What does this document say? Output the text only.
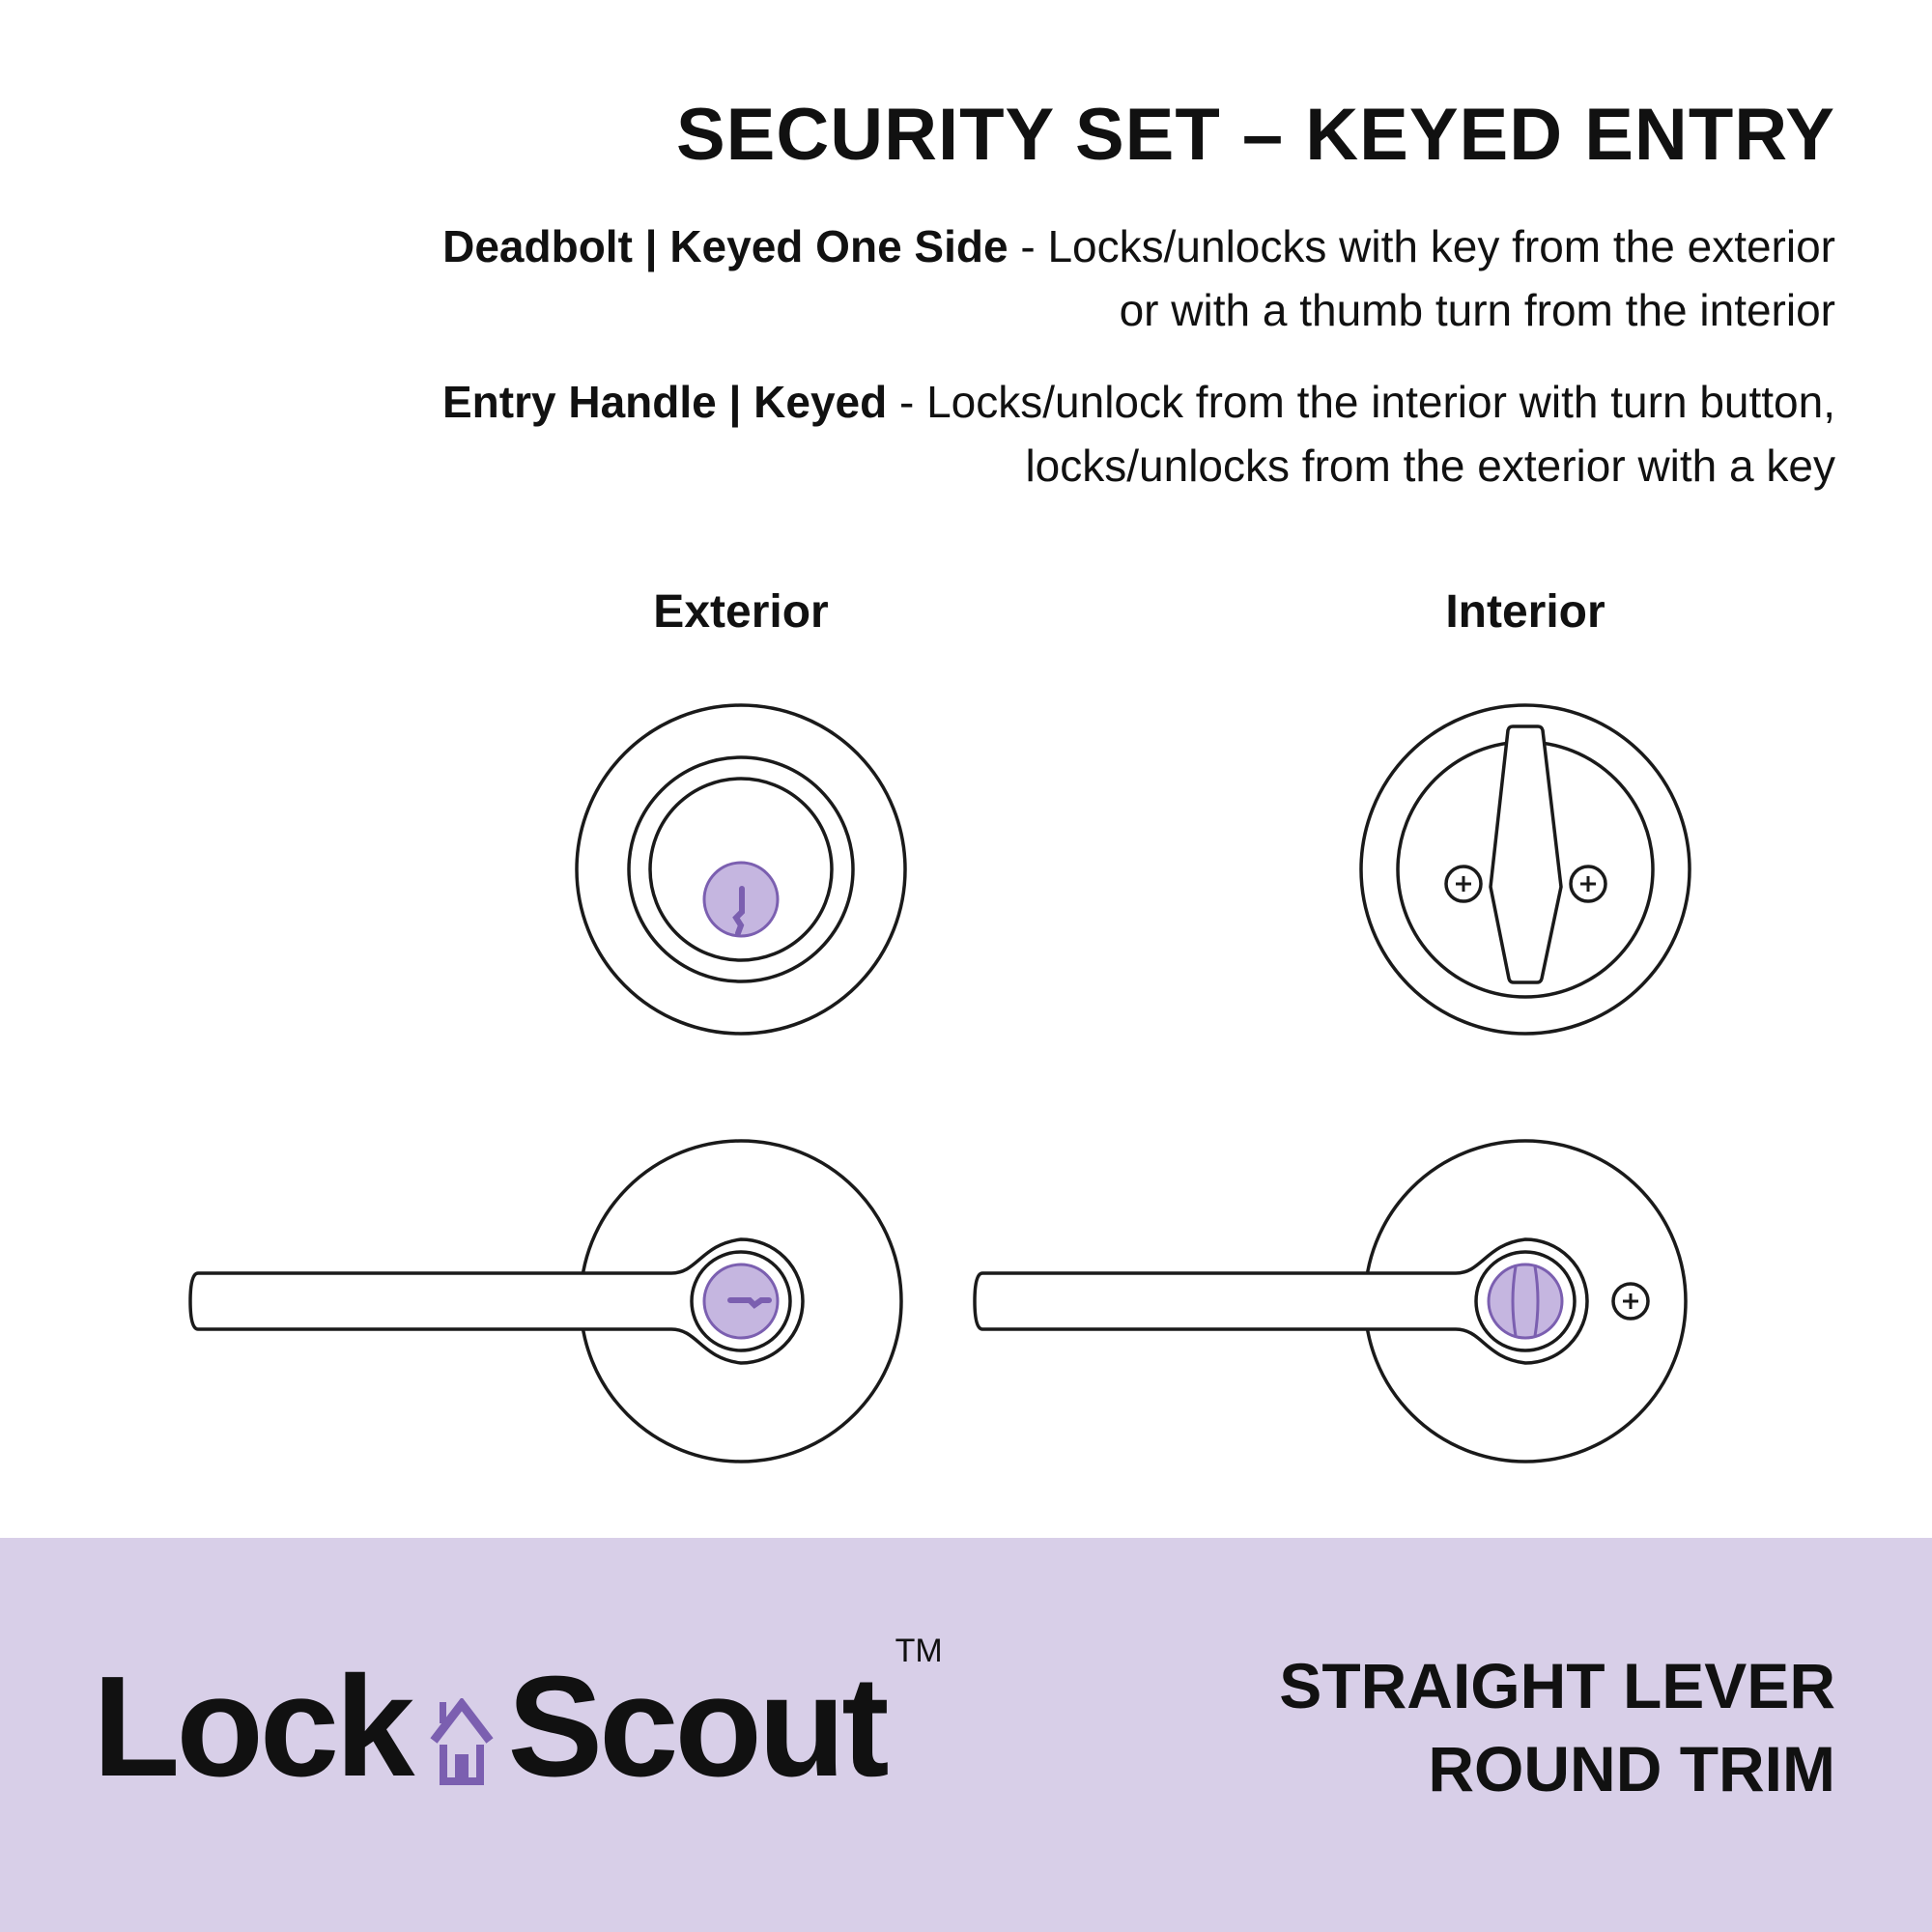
SECURITY SET – KEYED ENTRY
Deadbolt | Keyed One Side - Locks/unlocks with key from the exterior
or with a thumb turn from the interior
Entry Handle | Keyed - Locks/unlock from the interior with turn button,
locks/unlocks from the exterior with a key
Exterior	Interior
Lock Scout TM	STRAIGHT LEVER
ROUND TRIM
